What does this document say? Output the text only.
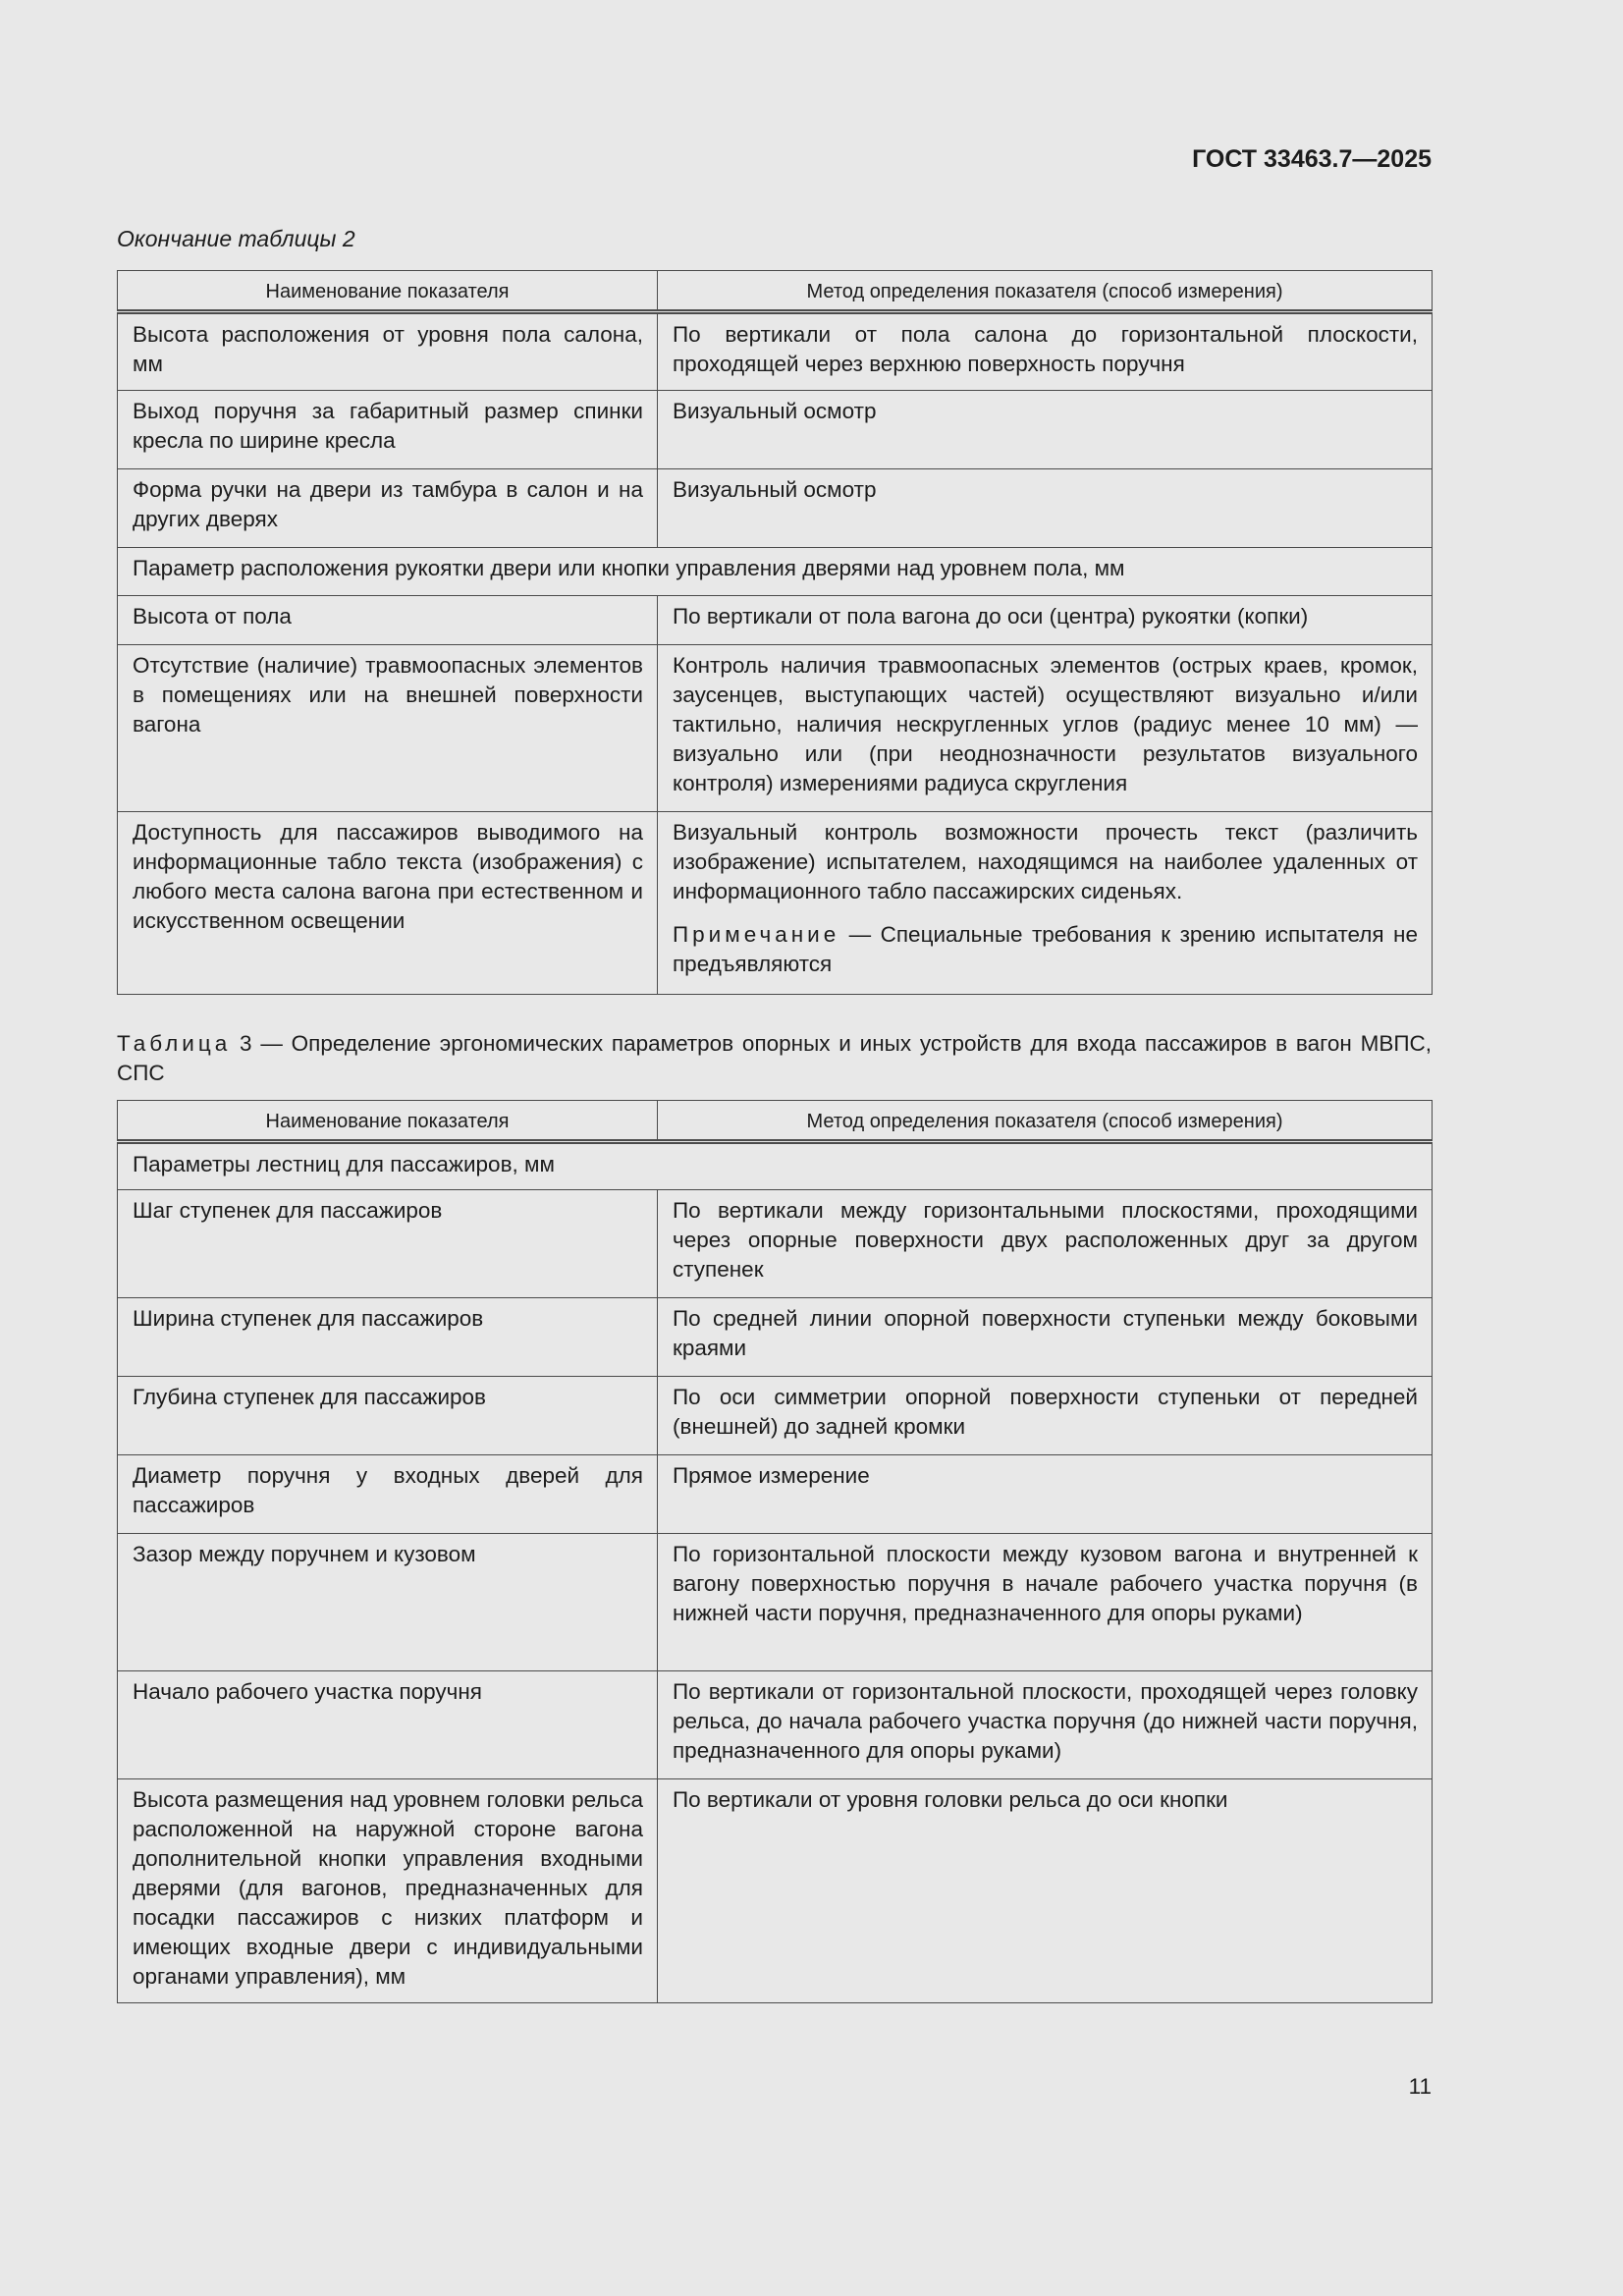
ГОСТ 33463.7—2025
Окончание таблицы 2
Наименование показателя	Метод определения показателя (способ измерения)
Высота расположения от уровня пола салона, мм	По вертикали от пола салона до горизонтальной плоскости, проходящей через верхнюю поверхность поручня
Выход поручня за габаритный размер спинки кресла по ширине кресла	Визуальный осмотр
Форма ручки на двери из тамбура в салон и на других дверях	Визуальный осмотр
Параметр расположения рукоятки двери или кнопки управления дверями над уровнем пола, мм	
Высота от пола	По вертикали от пола вагона до оси (центра) рукоятки (копки)
Отсутствие (наличие) травмоопасных элементов в помещениях или на внешней поверхности вагона	Контроль наличия травмоопасных элементов (острых краев, кромок, заусенцев, выступающих частей) осуществляют визуально и/или тактильно, наличия нескругленных углов (радиус менее 10 мм) — визуально или (при неоднозначности результатов визуального контроля) измерениями радиуса скругления
Доступность для пассажиров выводимого на информационные табло текста (изображения) с любого места салона вагона при естественном и искусственном освещении	Визуальный контроль возможности прочесть текст (различить изображение) испытателем, находящимся на наиболее удаленных от информационного табло пассажирских сиденьях.
Примечание — Специальные требования к зрению испытателя не предъявляются
Таблица 3 — Определение эргономических параметров опорных и иных устройств для входа пассажиров в вагон МВПС, СПС
Наименование показателя	Метод определения показателя (способ измерения)
Параметры лестниц для пассажиров, мм	
Шаг ступенек для пассажиров	По вертикали между горизонтальными плоскостями, проходящими через опорные поверхности двух расположенных друг за другом ступенек
Ширина ступенек для пассажиров	По средней линии опорной поверхности ступеньки между боковыми краями
Глубина ступенек для пассажиров	По оси симметрии опорной поверхности ступеньки от передней (внешней) до задней кромки
Диаметр поручня у входных дверей для пассажиров	Прямое измерение
Зазор между поручнем и кузовом	По горизонтальной плоскости между кузовом вагона и внутренней к вагону поверхностью поручня в начале рабочего участка поручня (в нижней части поручня, предназначенного для опоры руками)
Начало рабочего участка поручня	По вертикали от горизонтальной плоскости, проходящей через головку рельса, до начала рабочего участка поручня (до нижней части поручня, предназначенного для опоры руками)
Высота размещения над уровнем головки рельса расположенной на наружной стороне вагона дополнительной кнопки управления входными дверями (для вагонов, предназначенных для посадки пассажиров с низких платформ и имеющих входные двери с индивидуальными органами управления), мм	По вертикали от уровня головки рельса до оси кнопки
11
